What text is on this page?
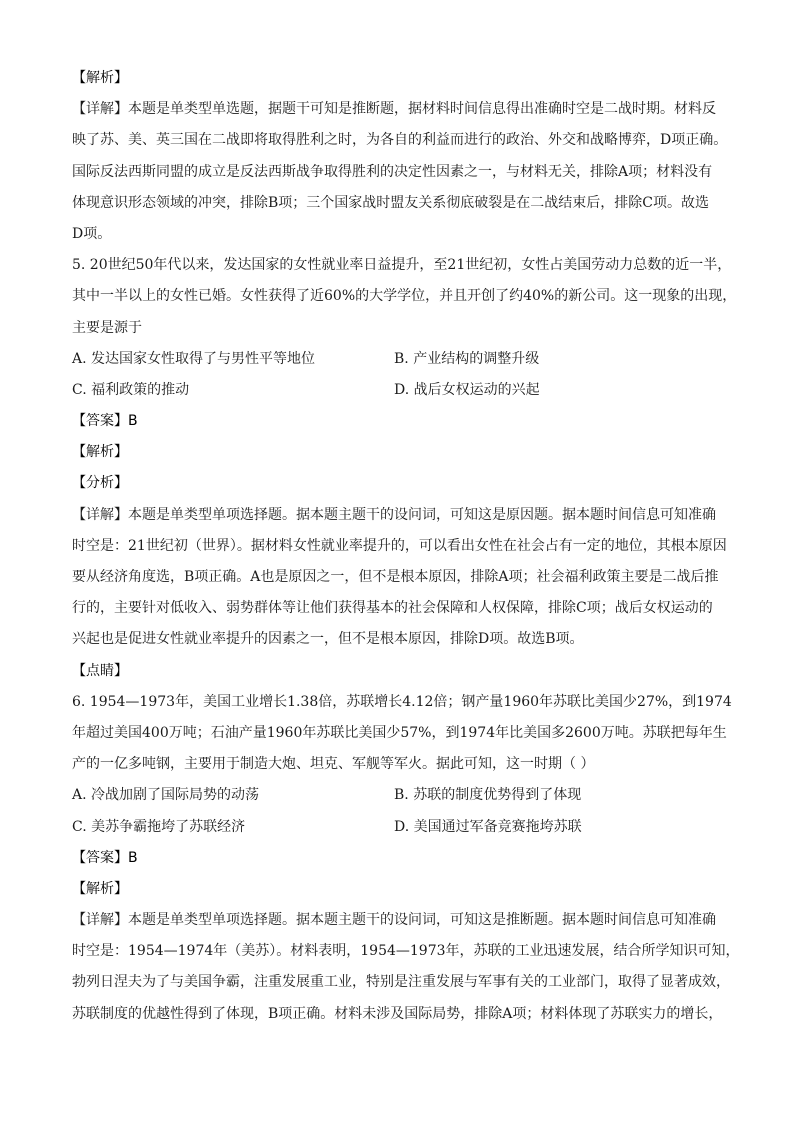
【解析】
【详解】本题是单类型单选题，据题干可知是推断题，据材料时间信息得出准确时空是二战时期。材料反
映了苏、美、英三国在二战即将取得胜利之时，为各自的利益而进行的政治、外交和战略博弈，D项正确。
国际反法西斯同盟的成立是反法西斯战争取得胜利的决定性因素之一，与材料无关，排除A项；材料没有
体现意识形态领域的冲突，排除B项；三个国家战时盟友关系彻底破裂是在二战结束后，排除C项。故选
D项。
5. 20世纪50年代以来，发达国家的女性就业率日益提升，至21世纪初，女性占美国劳动力总数的近一半，
其中一半以上的女性已婚。女性获得了近60%的大学学位，并且开创了约40%的新公司。这一现象的出现，
主要是源于
A. 发达国家女性取得了与男性平等地位	B. 产业结构的调整升级
C. 福利政策的推动	D. 战后女权运动的兴起
【答案】B
【解析】
【分析】
【详解】本题是单类型单项选择题。据本题主题干的设问词，可知这是原因题。据本题时间信息可知准确
时空是：21世纪初（世界）。据材料女性就业率提升的，可以看出女性在社会占有一定的地位，其根本原因
要从经济角度选，B项正确。A也是原因之一，但不是根本原因，排除A项；社会福利政策主要是二战后推
行的，主要针对低收入、弱势群体等让他们获得基本的社会保障和人权保障，排除C项；战后女权运动的
兴起也是促进女性就业率提升的因素之一，但不是根本原因，排除D项。故选B项。
【点睛】
6. 1954—1973年，美国工业增长1.38倍，苏联增长4.12倍；钢产量1960年苏联比美国少27%，到1974
年超过美国400万吨；石油产量1960年苏联比美国少57%，到1974年比美国多2600万吨。苏联把每年生
产的一亿多吨钢，主要用于制造大炮、坦克、军舰等军火。据此可知，这一时期（ ）
A. 冷战加剧了国际局势的动荡	B. 苏联的制度优势得到了体现
C. 美苏争霸拖垮了苏联经济	D. 美国通过军备竞赛拖垮苏联
【答案】B
【解析】
【详解】本题是单类型单项选择题。据本题主题干的设问词，可知这是推断题。据本题时间信息可知准确
时空是：1954—1974年（美苏）。材料表明，1954—1973年，苏联的工业迅速发展，结合所学知识可知，
勃列日涅夫为了与美国争霸，注重发展重工业，特别是注重发展与军事有关的工业部门，取得了显著成效，
苏联制度的优越性得到了体现，B项正确。材料未涉及国际局势，排除A项；材料体现了苏联实力的增长，
